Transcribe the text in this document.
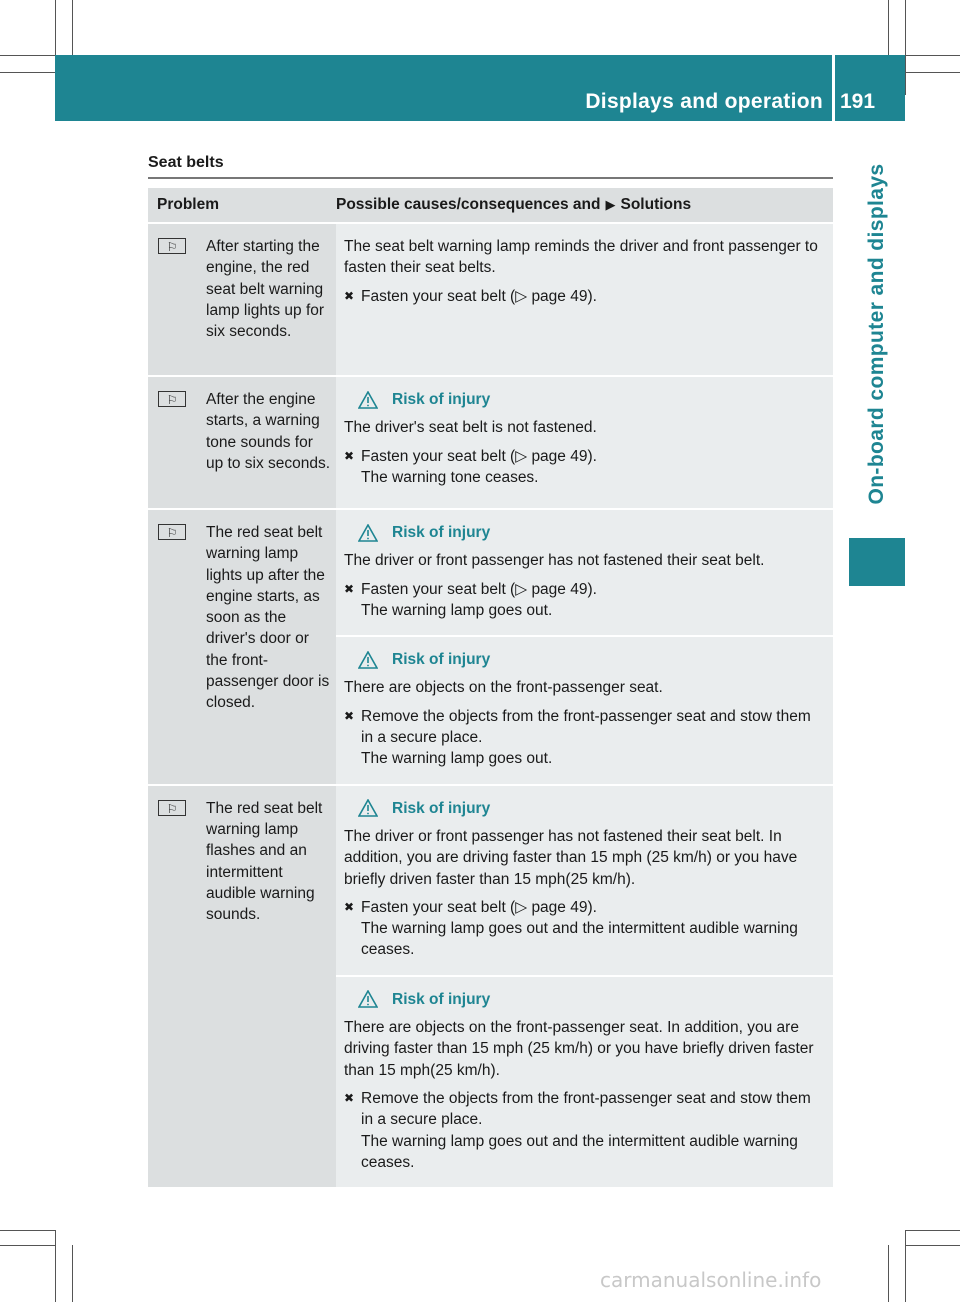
Displays and operation 191
On-board computer and displays
Seat belts
Problem	Possible causes/consequences and ▶ Solutions
⚐	After starting the engine, the red seat belt warning lamp lights up for six seconds.
The seat belt warning lamp reminds the driver and front passenger to fasten their seat belts.
✖ Fasten your seat belt (▷ page 49).
⚐	After the engine starts, a warning tone sounds for up to six seconds.
Risk of injury
The driver's seat belt is not fastened.
✖ Fasten your seat belt (▷ page 49).
The warning tone ceases.
⚐	The red seat belt warning lamp lights up after the engine starts, as soon as the driver's door or the front-passenger door is closed.
Risk of injury
The driver or front passenger has not fastened their seat belt.
✖ Fasten your seat belt (▷ page 49).
The warning lamp goes out.
Risk of injury
There are objects on the front-passenger seat.
✖ Remove the objects from the front-passenger seat and stow them in a secure place.
The warning lamp goes out.
⚐	The red seat belt warning lamp flashes and an intermittent audible warning sounds.
Risk of injury
The driver or front passenger has not fastened their seat belt. In addition, you are driving faster than 15 mph (25 km/h) or you have briefly driven faster than 15 mph(25 km/h).
✖ Fasten your seat belt (▷ page 49).
The warning lamp goes out and the intermittent audible warning ceases.
Risk of injury
There are objects on the front-passenger seat. In addition, you are driving faster than 15 mph (25 km/h) or you have briefly driven faster than 15 mph(25 km/h).
✖ Remove the objects from the front-passenger seat and stow them in a secure place.
The warning lamp goes out and the intermittent audible warning ceases.
carmanualsonline.info
